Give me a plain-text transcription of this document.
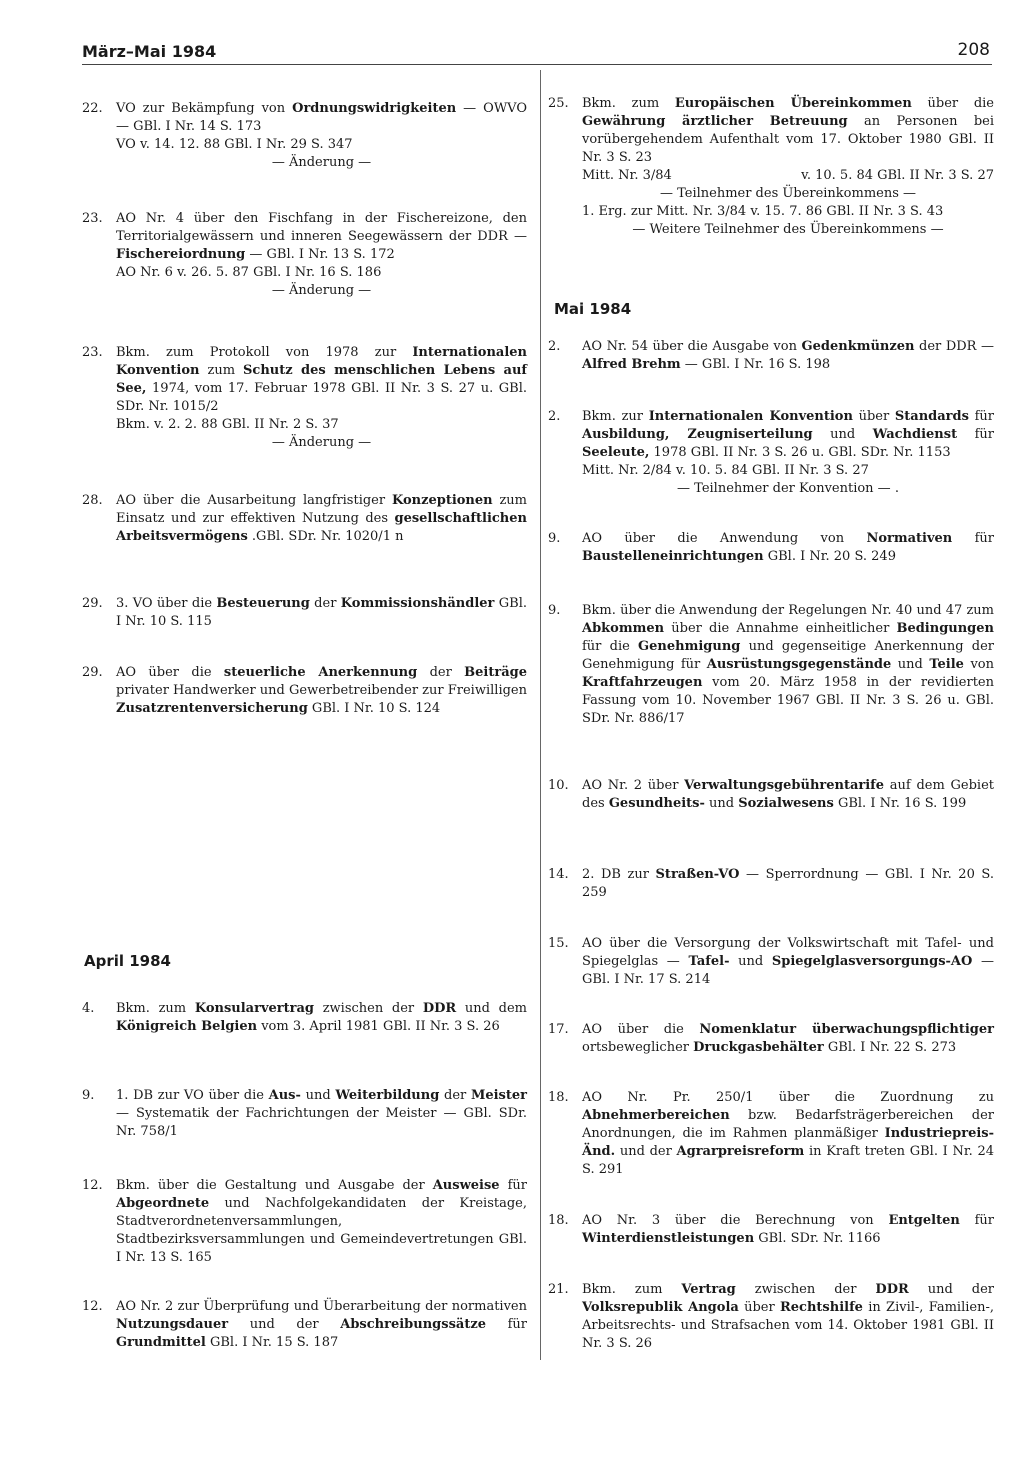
März–Mai 1984	208
22.	VO zur Bekämpfung von Ordnungswidrigkeiten — OWVO — GBl. I Nr. 14 S. 173
VO v. 14. 12. 88 GBl. I Nr. 29 S. 347
— Änderung —
23.	AO Nr. 4 über den Fischfang in der Fischereizone, den Territorialgewässern und inneren Seegewässern der DDR — Fischereiordnung — GBl. I Nr. 13 S. 172
AO Nr. 6 v. 26. 5. 87 GBl. I Nr. 16 S. 186
— Änderung —
23.	Bkm. zum Protokoll von 1978 zur Internationalen Konvention zum Schutz des menschlichen Lebens auf See, 1974, vom 17. Februar 1978 GBl. II Nr. 3 S. 27 u. GBl. SDr. Nr. 1015/2
Bkm. v. 2. 2. 88 GBl. II Nr. 2 S. 37
— Änderung —
28.	AO über die Ausarbeitung langfristiger Konzeptionen zum Einsatz und zur effektiven Nutzung des gesellschaftlichen Arbeitsvermögens .GBl. SDr. Nr. 1020/1 n
29.	3. VO über die Besteuerung der Kommissionshändler GBl. I Nr. 10 S. 115
29.	AO über die steuerliche Anerkennung der Beiträge privater Handwerker und Gewerbetreibender zur Freiwilligen Zusatzrentenversicherung GBl. I Nr. 10 S. 124
April 1984
4.	Bkm. zum Konsularvertrag zwischen der DDR und dem Königreich Belgien vom 3. April 1981 GBl. II Nr. 3 S. 26
9.	1. DB zur VO über die Aus- und Weiterbildung der Meister — Systematik der Fachrichtungen der Meister — GBl. SDr. Nr. 758/1
12.	Bkm. über die Gestaltung und Ausgabe der Ausweise für Abgeordnete und Nachfolgekandidaten der Kreistage, Stadtverordnetenversammlungen, Stadtbezirksversammlungen und Gemeindevertretungen GBl. I Nr. 13 S. 165
12.	AO Nr. 2 zur Überprüfung und Überarbeitung der normativen Nutzungsdauer und der Abschreibungssätze für Grundmittel GBl. I Nr. 15 S. 187
25.	Bkm. zum Europäischen Übereinkommen über die Gewährung ärztlicher Betreuung an Personen bei vorübergehendem Aufenthalt vom 17. Oktober 1980 GBl. II Nr. 3 S. 23
Mitt. Nr. 3/84	v. 10. 5. 84 GBl. II Nr. 3 S. 27
— Teilnehmer des Übereinkommens —
1. Erg. zur Mitt. Nr. 3/84 v. 15. 7. 86 GBl. II Nr. 3 S. 43
— Weitere Teilnehmer des Übereinkommens —
Mai 1984
2.	AO Nr. 54 über die Ausgabe von Gedenkmünzen der DDR — Alfred Brehm — GBl. I Nr. 16 S. 198
2.	Bkm. zur Internationalen Konvention über Standards für Ausbildung, Zeugniserteilung und Wachdienst für Seeleute, 1978 GBl. II Nr. 3 S. 26 u. GBl. SDr. Nr. 1153
Mitt. Nr. 2/84 v. 10. 5. 84 GBl. II Nr. 3 S. 27
— Teilnehmer der Konvention — .
9.	AO über die Anwendung von Normativen für Baustelleneinrichtungen GBl. I Nr. 20 S. 249
9.	Bkm. über die Anwendung der Regelungen Nr. 40 und 47 zum Abkommen über die Annahme einheitlicher Bedingungen für die Genehmigung und gegenseitige Anerkennung der Genehmigung für Ausrüstungsgegenstände und Teile von Kraftfahrzeugen vom 20. März 1958 in der revidierten Fassung vom 10. November 1967 GBl. II Nr. 3 S. 26 u. GBl. SDr. Nr. 886/17
10.	AO Nr. 2 über Verwaltungsgebührentarife auf dem Gebiet des Gesundheits- und Sozialwesens GBl. I Nr. 16 S. 199
14.	2. DB zur Straßen-VO — Sperrordnung — GBl. I Nr. 20 S. 259
15.	AO über die Versorgung der Volkswirtschaft mit Tafel- und Spiegelglas — Tafel- und Spiegelglasversorgungs-AO — GBl. I Nr. 17 S. 214
17.	AO über die Nomenklatur überwachungspflichtiger ortsbeweglicher Druckgasbehälter GBl. I Nr. 22 S. 273
18.	AO Nr. Pr. 250/1 über die Zuordnung zu Abnehmerbereichen bzw. Bedarfsträgerbereichen der Anordnungen, die im Rahmen planmäßiger Industriepreis-Änd. und der Agrarpreisreform in Kraft treten GBl. I Nr. 24 S. 291
18.	AO Nr. 3 über die Berechnung von Entgelten für Winterdienstleistungen GBl. SDr. Nr. 1166
21.	Bkm. zum Vertrag zwischen der DDR und der Volksrepublik Angola über Rechtshilfe in Zivil-, Familien-, Arbeitsrechts- und Strafsachen vom 14. Oktober 1981 GBl. II Nr. 3 S. 26
